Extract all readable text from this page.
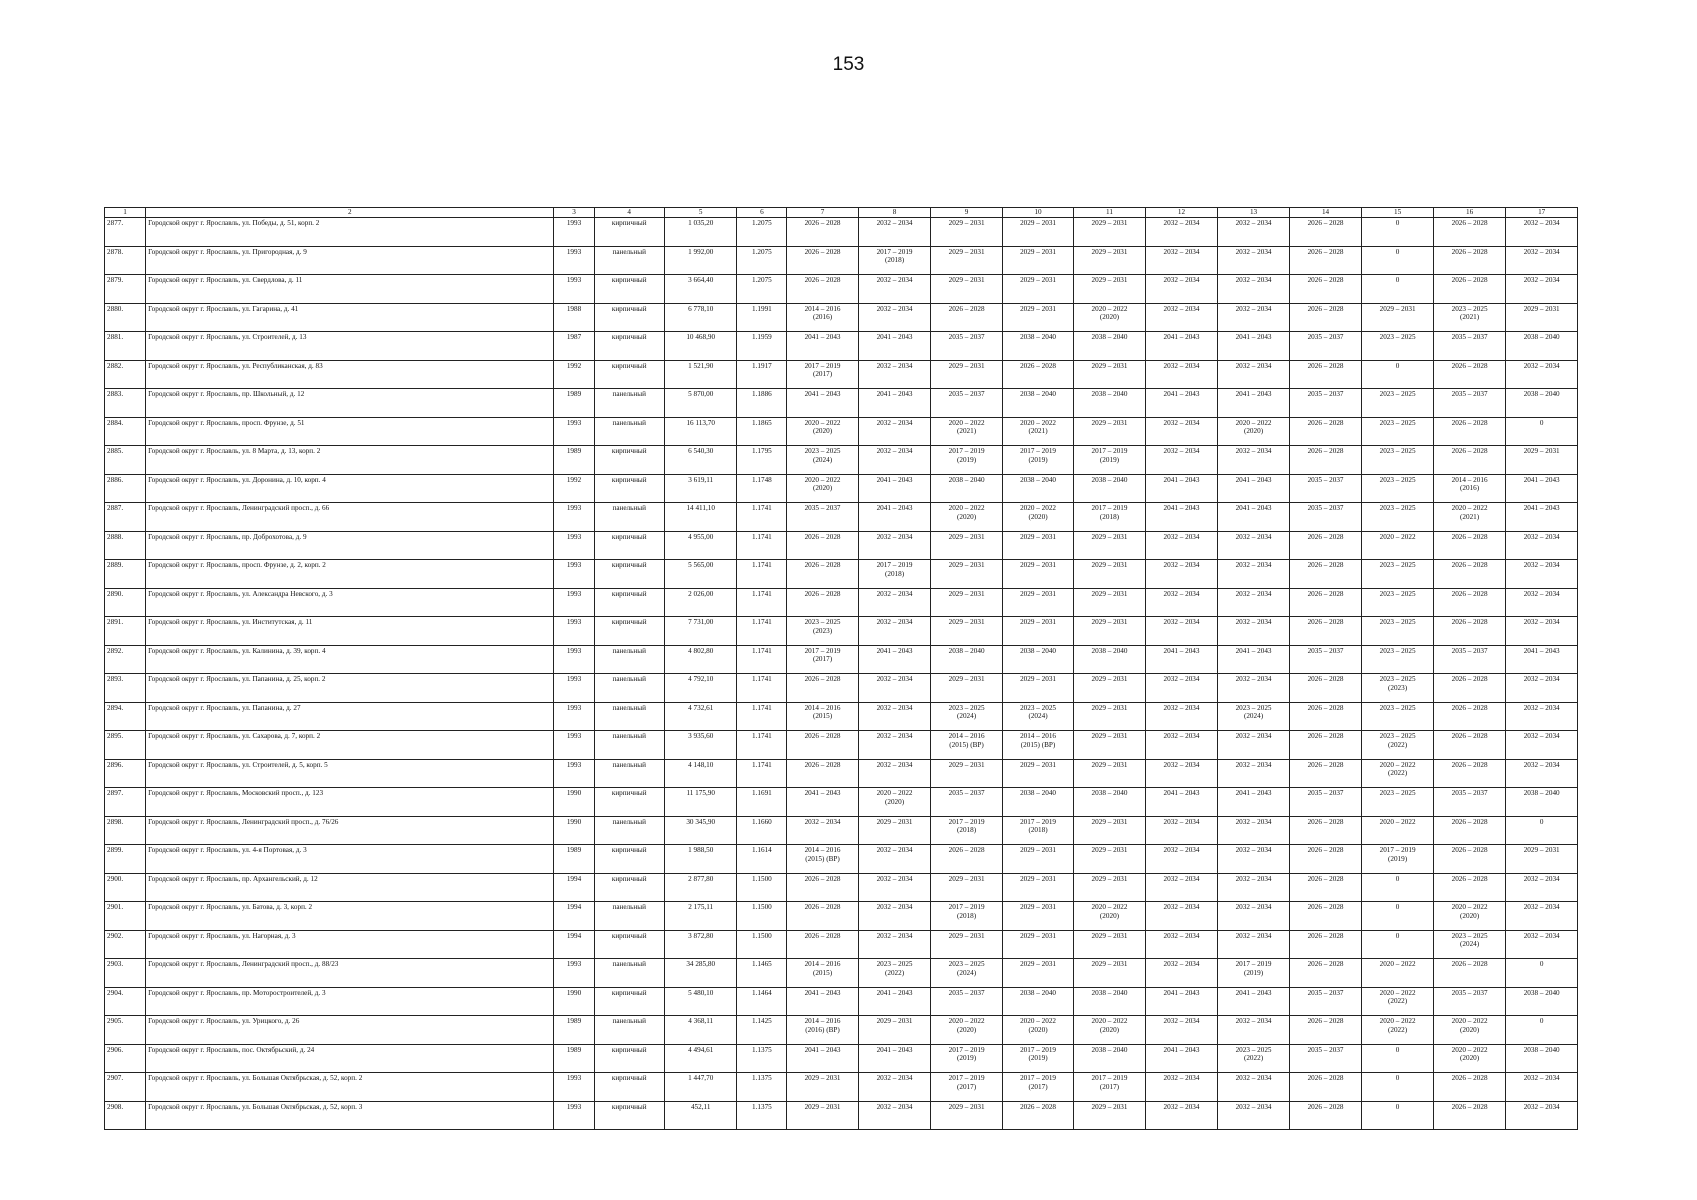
153
1	2	3	4	5	6	7	8	9	10	11	12	13	14	15	16	17
2877.	Городской округ г. Ярославль, ул. Победы, д. 51, корп. 2	1993	кирпичный	1 035,20	1.2075	2026 – 2028	2032 – 2034	2029 – 2031	2029 – 2031	2029 – 2031	2032 – 2034	2032 – 2034	2026 – 2028	0	2026 – 2028	2032 – 2034
2878.	Городской округ г. Ярославль, ул. Пригородная, д. 9	1993	панельный	1 992,00	1.2075	2026 – 2028	2017 – 2019
(2018)	2029 – 2031	2029 – 2031	2029 – 2031	2032 – 2034	2032 – 2034	2026 – 2028	0	2026 – 2028	2032 – 2034
2879.	Городской округ г. Ярославль, ул. Свердлова, д. 11	1993	кирпичный	3 664,40	1.2075	2026 – 2028	2032 – 2034	2029 – 2031	2029 – 2031	2029 – 2031	2032 – 2034	2032 – 2034	2026 – 2028	0	2026 – 2028	2032 – 2034
2880.	Городской округ г. Ярославль, ул. Гагарина, д. 41	1988	кирпичный	6 778,10	1.1991	2014 – 2016
(2016)	2032 – 2034	2026 – 2028	2029 – 2031	2020 – 2022
(2020)	2032 – 2034	2032 – 2034	2026 – 2028	2029 – 2031	2023 – 2025
(2021)	2029 – 2031
2881.	Городской округ г. Ярославль, ул. Строителей, д. 13	1987	кирпичный	10 468,90	1.1959	2041 – 2043	2041 – 2043	2035 – 2037	2038 – 2040	2038 – 2040	2041 – 2043	2041 – 2043	2035 – 2037	2023 – 2025	2035 – 2037	2038 – 2040
2882.	Городской округ г. Ярославль, ул. Республиканская, д. 83	1992	кирпичный	1 521,90	1.1917	2017 – 2019
(2017)	2032 – 2034	2029 – 2031	2026 – 2028	2029 – 2031	2032 – 2034	2032 – 2034	2026 – 2028	0	2026 – 2028	2032 – 2034
2883.	Городской округ г. Ярославль, пр. Школьный, д. 12	1989	панельный	5 870,00	1.1886	2041 – 2043	2041 – 2043	2035 – 2037	2038 – 2040	2038 – 2040	2041 – 2043	2041 – 2043	2035 – 2037	2023 – 2025	2035 – 2037	2038 – 2040
2884.	Городской округ г. Ярославль, просп. Фрунзе, д. 51	1993	панельный	16 113,70	1.1865	2020 – 2022
(2020)	2032 – 2034	2020 – 2022
(2021)	2020 – 2022
(2021)	2029 – 2031	2032 – 2034	2020 – 2022
(2020)	2026 – 2028	2023 – 2025	2026 – 2028	0
2885.	Городской округ г. Ярославль, ул. 8 Марта, д. 13, корп. 2	1989	кирпичный	6 540,30	1.1795	2023 – 2025
(2024)	2032 – 2034	2017 – 2019
(2019)	2017 – 2019
(2019)	2017 – 2019
(2019)	2032 – 2034	2032 – 2034	2026 – 2028	2023 – 2025	2026 – 2028	2029 – 2031
2886.	Городской округ г. Ярославль, ул. Доронина, д. 10, корп. 4	1992	кирпичный	3 619,11	1.1748	2020 – 2022
(2020)	2041 – 2043	2038 – 2040	2038 – 2040	2038 – 2040	2041 – 2043	2041 – 2043	2035 – 2037	2023 – 2025	2014 – 2016
(2016)	2041 – 2043
2887.	Городской округ г. Ярославль, Ленинградский просп., д. 66	1993	панельный	14 411,10	1.1741	2035 – 2037	2041 – 2043	2020 – 2022
(2020)	2020 – 2022
(2020)	2017 – 2019
(2018)	2041 – 2043	2041 – 2043	2035 – 2037	2023 – 2025	2020 – 2022
(2021)	2041 – 2043
2888.	Городской округ г. Ярославль, пр. Доброхотова, д. 9	1993	кирпичный	4 955,00	1.1741	2026 – 2028	2032 – 2034	2029 – 2031	2029 – 2031	2029 – 2031	2032 – 2034	2032 – 2034	2026 – 2028	2020 – 2022	2026 – 2028	2032 – 2034
2889.	Городской округ г. Ярославль, просп. Фрунзе, д. 2, корп. 2	1993	кирпичный	5 565,00	1.1741	2026 – 2028	2017 – 2019
(2018)	2029 – 2031	2029 – 2031	2029 – 2031	2032 – 2034	2032 – 2034	2026 – 2028	2023 – 2025	2026 – 2028	2032 – 2034
2890.	Городской округ г. Ярославль, ул. Александра Невского, д. 3	1993	кирпичный	2 026,00	1.1741	2026 – 2028	2032 – 2034	2029 – 2031	2029 – 2031	2029 – 2031	2032 – 2034	2032 – 2034	2026 – 2028	2023 – 2025	2026 – 2028	2032 – 2034
2891.	Городской округ г. Ярославль, ул. Институтская, д. 11	1993	кирпичный	7 731,00	1.1741	2023 – 2025
(2023)	2032 – 2034	2029 – 2031	2029 – 2031	2029 – 2031	2032 – 2034	2032 – 2034	2026 – 2028	2023 – 2025	2026 – 2028	2032 – 2034
2892.	Городской округ г. Ярославль, ул. Калинина, д. 39, корп. 4	1993	панельный	4 802,80	1.1741	2017 – 2019
(2017)	2041 – 2043	2038 – 2040	2038 – 2040	2038 – 2040	2041 – 2043	2041 – 2043	2035 – 2037	2023 – 2025	2035 – 2037	2041 – 2043
2893.	Городской округ г. Ярославль, ул. Папанина, д. 25, корп. 2	1993	панельный	4 792,10	1.1741	2026 – 2028	2032 – 2034	2029 – 2031	2029 – 2031	2029 – 2031	2032 – 2034	2032 – 2034	2026 – 2028	2023 – 2025
(2023)	2026 – 2028	2032 – 2034
2894.	Городской округ г. Ярославль, ул. Папанина, д. 27	1993	панельный	4 732,61	1.1741	2014 – 2016
(2015)	2032 – 2034	2023 – 2025
(2024)	2023 – 2025
(2024)	2029 – 2031	2032 – 2034	2023 – 2025
(2024)	2026 – 2028	2023 – 2025	2026 – 2028	2032 – 2034
2895.	Городской округ г. Ярославль, ул. Сахарова, д. 7, корп. 2	1993	панельный	3 935,60	1.1741	2026 – 2028	2032 – 2034	2014 – 2016
(2015) (ВР)	2014 – 2016
(2015) (ВР)	2029 – 2031	2032 – 2034	2032 – 2034	2026 – 2028	2023 – 2025
(2022)	2026 – 2028	2032 – 2034
2896.	Городской округ г. Ярославль, ул. Строителей, д. 5, корп. 5	1993	панельный	4 148,10	1.1741	2026 – 2028	2032 – 2034	2029 – 2031	2029 – 2031	2029 – 2031	2032 – 2034	2032 – 2034	2026 – 2028	2020 – 2022
(2022)	2026 – 2028	2032 – 2034
2897.	Городской округ г. Ярославль, Московский просп., д. 123	1990	кирпичный	11 175,90	1.1691	2041 – 2043	2020 – 2022
(2020)	2035 – 2037	2038 – 2040	2038 – 2040	2041 – 2043	2041 – 2043	2035 – 2037	2023 – 2025	2035 – 2037	2038 – 2040
2898.	Городской округ г. Ярославль, Ленинградский просп., д. 76/26	1990	панельный	30 345,90	1.1660	2032 – 2034	2029 – 2031	2017 – 2019
(2018)	2017 – 2019
(2018)	2029 – 2031	2032 – 2034	2032 – 2034	2026 – 2028	2020 – 2022	2026 – 2028	0
2899.	Городской округ г. Ярославль, ул. 4-я Портовая, д. 3	1989	кирпичный	1 988,50	1.1614	2014 – 2016
(2015) (ВР)	2032 – 2034	2026 – 2028	2029 – 2031	2029 – 2031	2032 – 2034	2032 – 2034	2026 – 2028	2017 – 2019
(2019)	2026 – 2028	2029 – 2031
2900.	Городской округ г. Ярославль, пр. Архангельский, д. 12	1994	кирпичный	2 877,80	1.1500	2026 – 2028	2032 – 2034	2029 – 2031	2029 – 2031	2029 – 2031	2032 – 2034	2032 – 2034	2026 – 2028	0	2026 – 2028	2032 – 2034
2901.	Городской округ г. Ярославль, ул. Батова, д. 3, корп. 2	1994	панельный	2 175,11	1.1500	2026 – 2028	2032 – 2034	2017 – 2019
(2018)	2029 – 2031	2020 – 2022
(2020)	2032 – 2034	2032 – 2034	2026 – 2028	0	2020 – 2022
(2020)	2032 – 2034
2902.	Городской округ г. Ярославль, ул. Нагорная, д. 3	1994	кирпичный	3 872,80	1.1500	2026 – 2028	2032 – 2034	2029 – 2031	2029 – 2031	2029 – 2031	2032 – 2034	2032 – 2034	2026 – 2028	0	2023 – 2025
(2024)	2032 – 2034
2903.	Городской округ г. Ярославль, Ленинградский просп., д. 88/23	1993	панельный	34 285,80	1.1465	2014 – 2016
(2015)	2023 – 2025
(2022)	2023 – 2025
(2024)	2029 – 2031	2029 – 2031	2032 – 2034	2017 – 2019
(2019)	2026 – 2028	2020 – 2022	2026 – 2028	0
2904.	Городской округ г. Ярославль, пр. Моторостроителей, д. 3	1990	кирпичный	5 480,10	1.1464	2041 – 2043	2041 – 2043	2035 – 2037	2038 – 2040	2038 – 2040	2041 – 2043	2041 – 2043	2035 – 2037	2020 – 2022
(2022)	2035 – 2037	2038 – 2040
2905.	Городской округ г. Ярославль, ул. Урицкого, д. 26	1989	панельный	4 368,11	1.1425	2014 – 2016
(2016) (ВР)	2029 – 2031	2020 – 2022
(2020)	2020 – 2022
(2020)	2020 – 2022
(2020)	2032 – 2034	2032 – 2034	2026 – 2028	2020 – 2022
(2022)	2020 – 2022
(2020)	0
2906.	Городской округ г. Ярославль, пос. Октябрьский, д. 24	1989	кирпичный	4 494,61	1.1375	2041 – 2043	2041 – 2043	2017 – 2019
(2019)	2017 – 2019
(2019)	2038 – 2040	2041 – 2043	2023 – 2025
(2022)	2035 – 2037	0	2020 – 2022
(2020)	2038 – 2040
2907.	Городской округ г. Ярославль, ул. Большая Октябрьская, д. 52, корп. 2	1993	кирпичный	1 447,70	1.1375	2029 – 2031	2032 – 2034	2017 – 2019
(2017)	2017 – 2019
(2017)	2017 – 2019
(2017)	2032 – 2034	2032 – 2034	2026 – 2028	0	2026 – 2028	2032 – 2034
2908.	Городской округ г. Ярославль, ул. Большая Октябрьская, д. 52, корп. 3	1993	кирпичный	452,11	1.1375	2029 – 2031	2032 – 2034	2029 – 2031	2026 – 2028	2029 – 2031	2032 – 2034	2032 – 2034	2026 – 2028	0	2026 – 2028	2032 – 2034
